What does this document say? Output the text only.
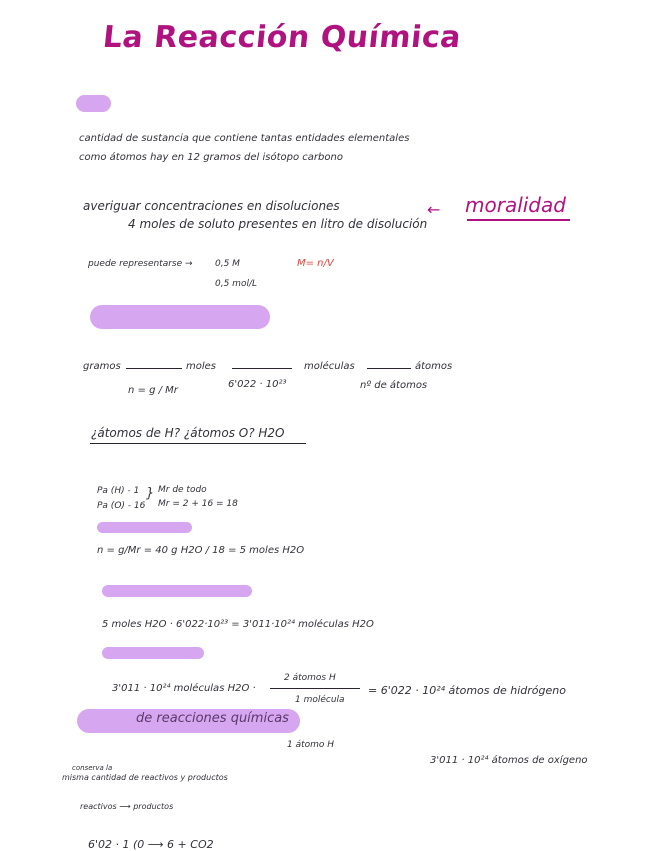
La Reacción Química
cantidad de sustancia que contiene tantas entidades elementales
como átomos hay en 12 gramos del isótopo carbono
averiguar concentraciones en disoluciones
4 moles de soluto presentes en litro de disolución
← moralidad
puede representarse → 0,5 M
0,5 mol/L
M= n/V
gramos	moles	moléculas	átomos
n = g / Mr
6'022 · 10²³	nº de átomos
¿átomos de H? ¿átomos O? H2O
Pa (H) - 1
Pa (O) - 16
} Mr de todo
Mr = 2 + 16 = 18
n = g/Mr = 40 g H2O / 18 = 5 moles H2O
5 moles H2O · 6'022·10²³ = 3'011·10²⁴ moléculas H2O
3'011 · 10²⁴ moléculas H2O ·
2 átomos H
1 molécula
= 6'022 · 10²⁴ átomos de hidrógeno
de reacciones químicas
1 átomo H
3'011 · 10²⁴ átomos de oxígeno
conserva la
misma cantidad de reactivos y productos
reactivos ⟶ productos
6'02 · 1 (0 ⟶ 6 + CO2
